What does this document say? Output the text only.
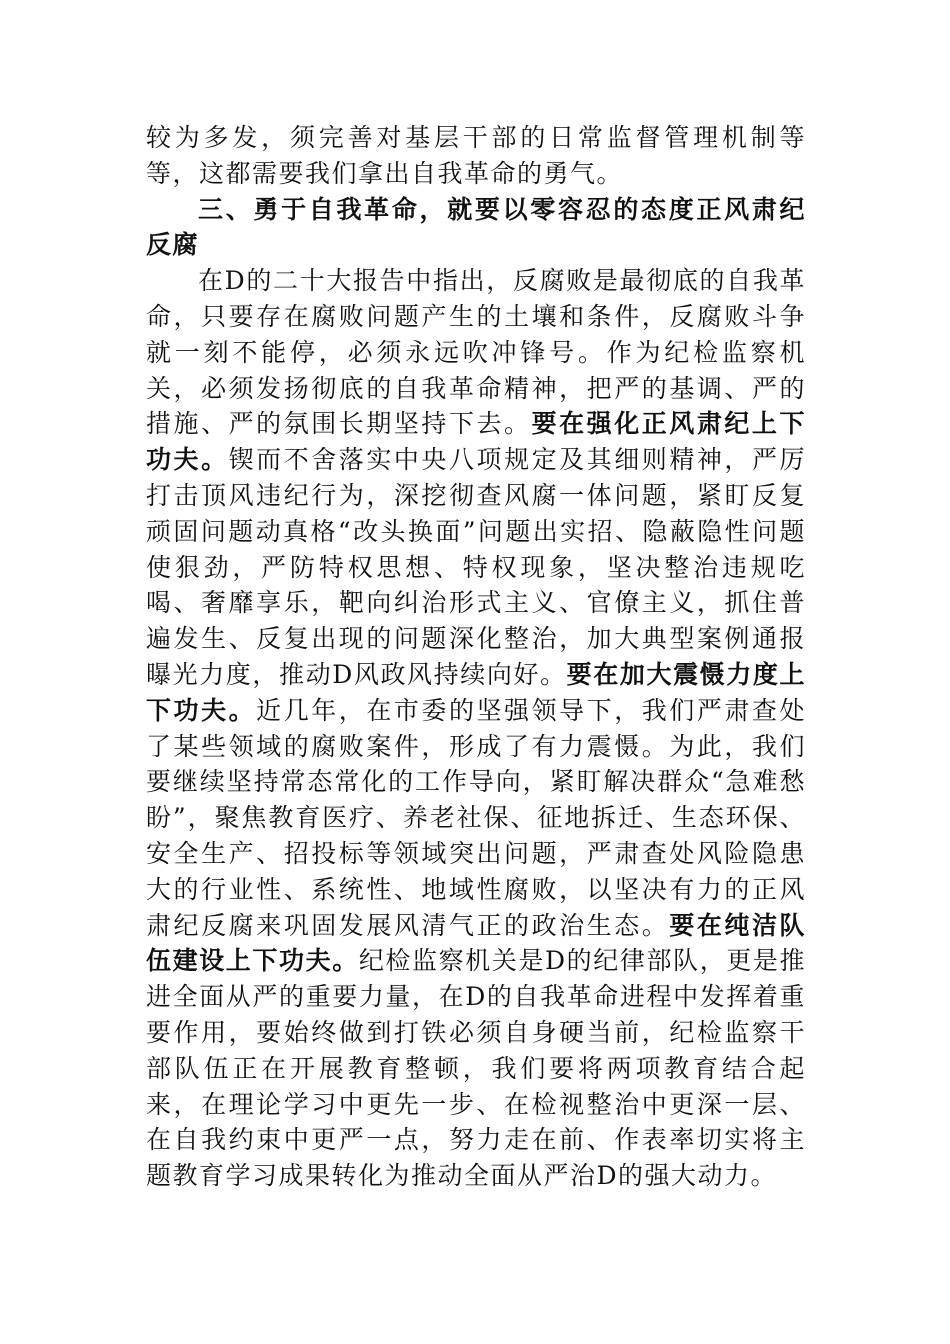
较为多发，须完善对基层干部的日常监督管理机制等等，这都需要我们拿出自我革命的勇气。

三、勇于自我革命，就要以零容忍的态度正风肃纪反腐

在D的二十大报告中指出，反腐败是最彻底的自我革命，只要存在腐败问题产生的土壤和条件，反腐败斗争就一刻不能停，必须永远吹冲锋号。作为纪检监察机关，必须发扬彻底的自我革命精神，把严的基调、严的措施、严的氛围长期坚持下去。要在强化正风肃纪上下功夫。锲而不舍落实中央八项规定及其细则精神，严厉打击顶风违纪行为，深挖彻查风腐一体问题，紧盯反复顽固问题动真格“改头换面”问题出实招、隐蔽隐性问题使狠劲，严防特权思想、特权现象，坚决整治违规吃喝、奢靡享乐，靶向纠治形式主义、官僚主义，抓住普遍发生、反复出现的问题深化整治，加大典型案例通报曝光力度，推动D风政风持续向好。要在加大震慑力度上下功夫。近几年，在市委的坚强领导下，我们严肃查处了某些领域的腐败案件，形成了有力震慑。为此，我们要继续坚持常态常化的工作导向，紧盯解决群众“急难愁盼”，聚焦教育医疗、养老社保、征地拆迁、生态环保、安全生产、招投标等领域突出问题，严肃查处风险隐患大的行业性、系统性、地域性腐败，以坚决有力的正风肃纪反腐来巩固发展风清气正的政治生态。要在纯洁队伍建设上下功夫。纪检监察机关是D的纪律部队，更是推进全面从严的重要力量，在D的自我革命进程中发挥着重要作用，要始终做到打铁必须自身硬当前，纪检监察干部队伍正在开展教育整顿，我们要将两项教育结合起来，在理论学习中更先一步、在检视整治中更深一层、在自我约束中更严一点，努力走在前、作表率切实将主题教育学习成果转化为推动全面从严治D的强大动力。
